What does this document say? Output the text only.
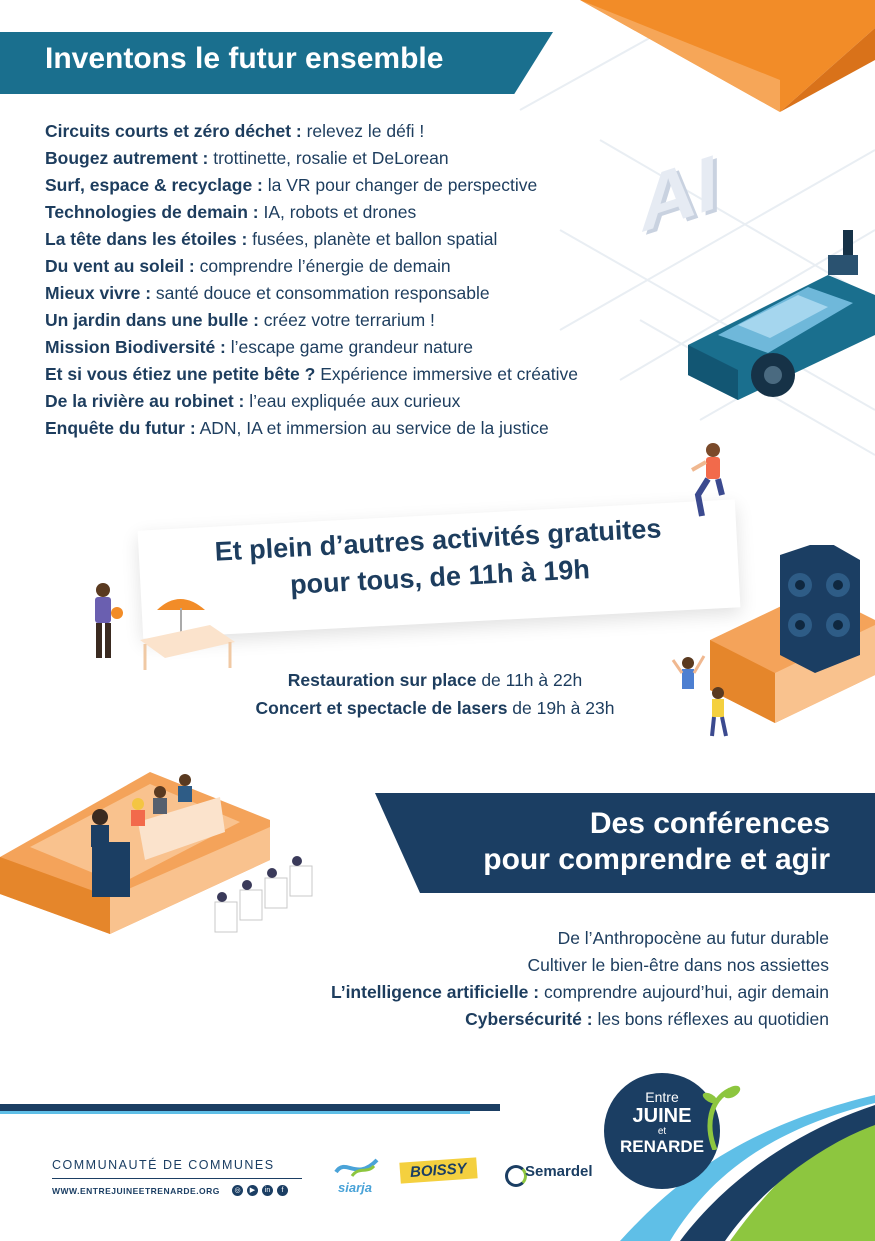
Inventons le futur ensemble
Circuits courts et zéro déchet : relevez le défi !
Bougez autrement : trottinette, rosalie et DeLorean
Surf, espace & recyclage : la VR pour changer de perspective
Technologies de demain : IA, robots et drones
La tête dans les étoiles : fusées, planète et ballon spatial
Du vent au soleil : comprendre l’énergie de demain
Mieux vivre : santé douce et consommation responsable
Un jardin dans une bulle : créez votre terrarium !
Mission Biodiversité : l’escape game grandeur nature
Et si vous étiez une petite bête ? Expérience immersive et créative
De la rivière au robinet : l’eau expliquée aux curieux
Enquête du futur : ADN, IA et immersion au service de la justice
AI
Et plein d’autres activités gratuites
pour tous, de 11h à 19h
Restauration sur place de 11h à 22h
Concert et spectacle de lasers de 19h à 23h
Des conférences
pour comprendre et agir
De l’Anthropocène au futur durable
Cultiver le bien-être dans nos assiettes
L’intelligence artificielle : comprendre aujourd’hui, agir demain
Cybersécurité : les bons réflexes au quotidien
Entre
JUINE
et
RENARDE
COMMUNAUTÉ DE COMMUNES
WWW.ENTREJUINEETRENARDE.ORG	◎	▶	in	f	siarja
BOISSY	Semardel
